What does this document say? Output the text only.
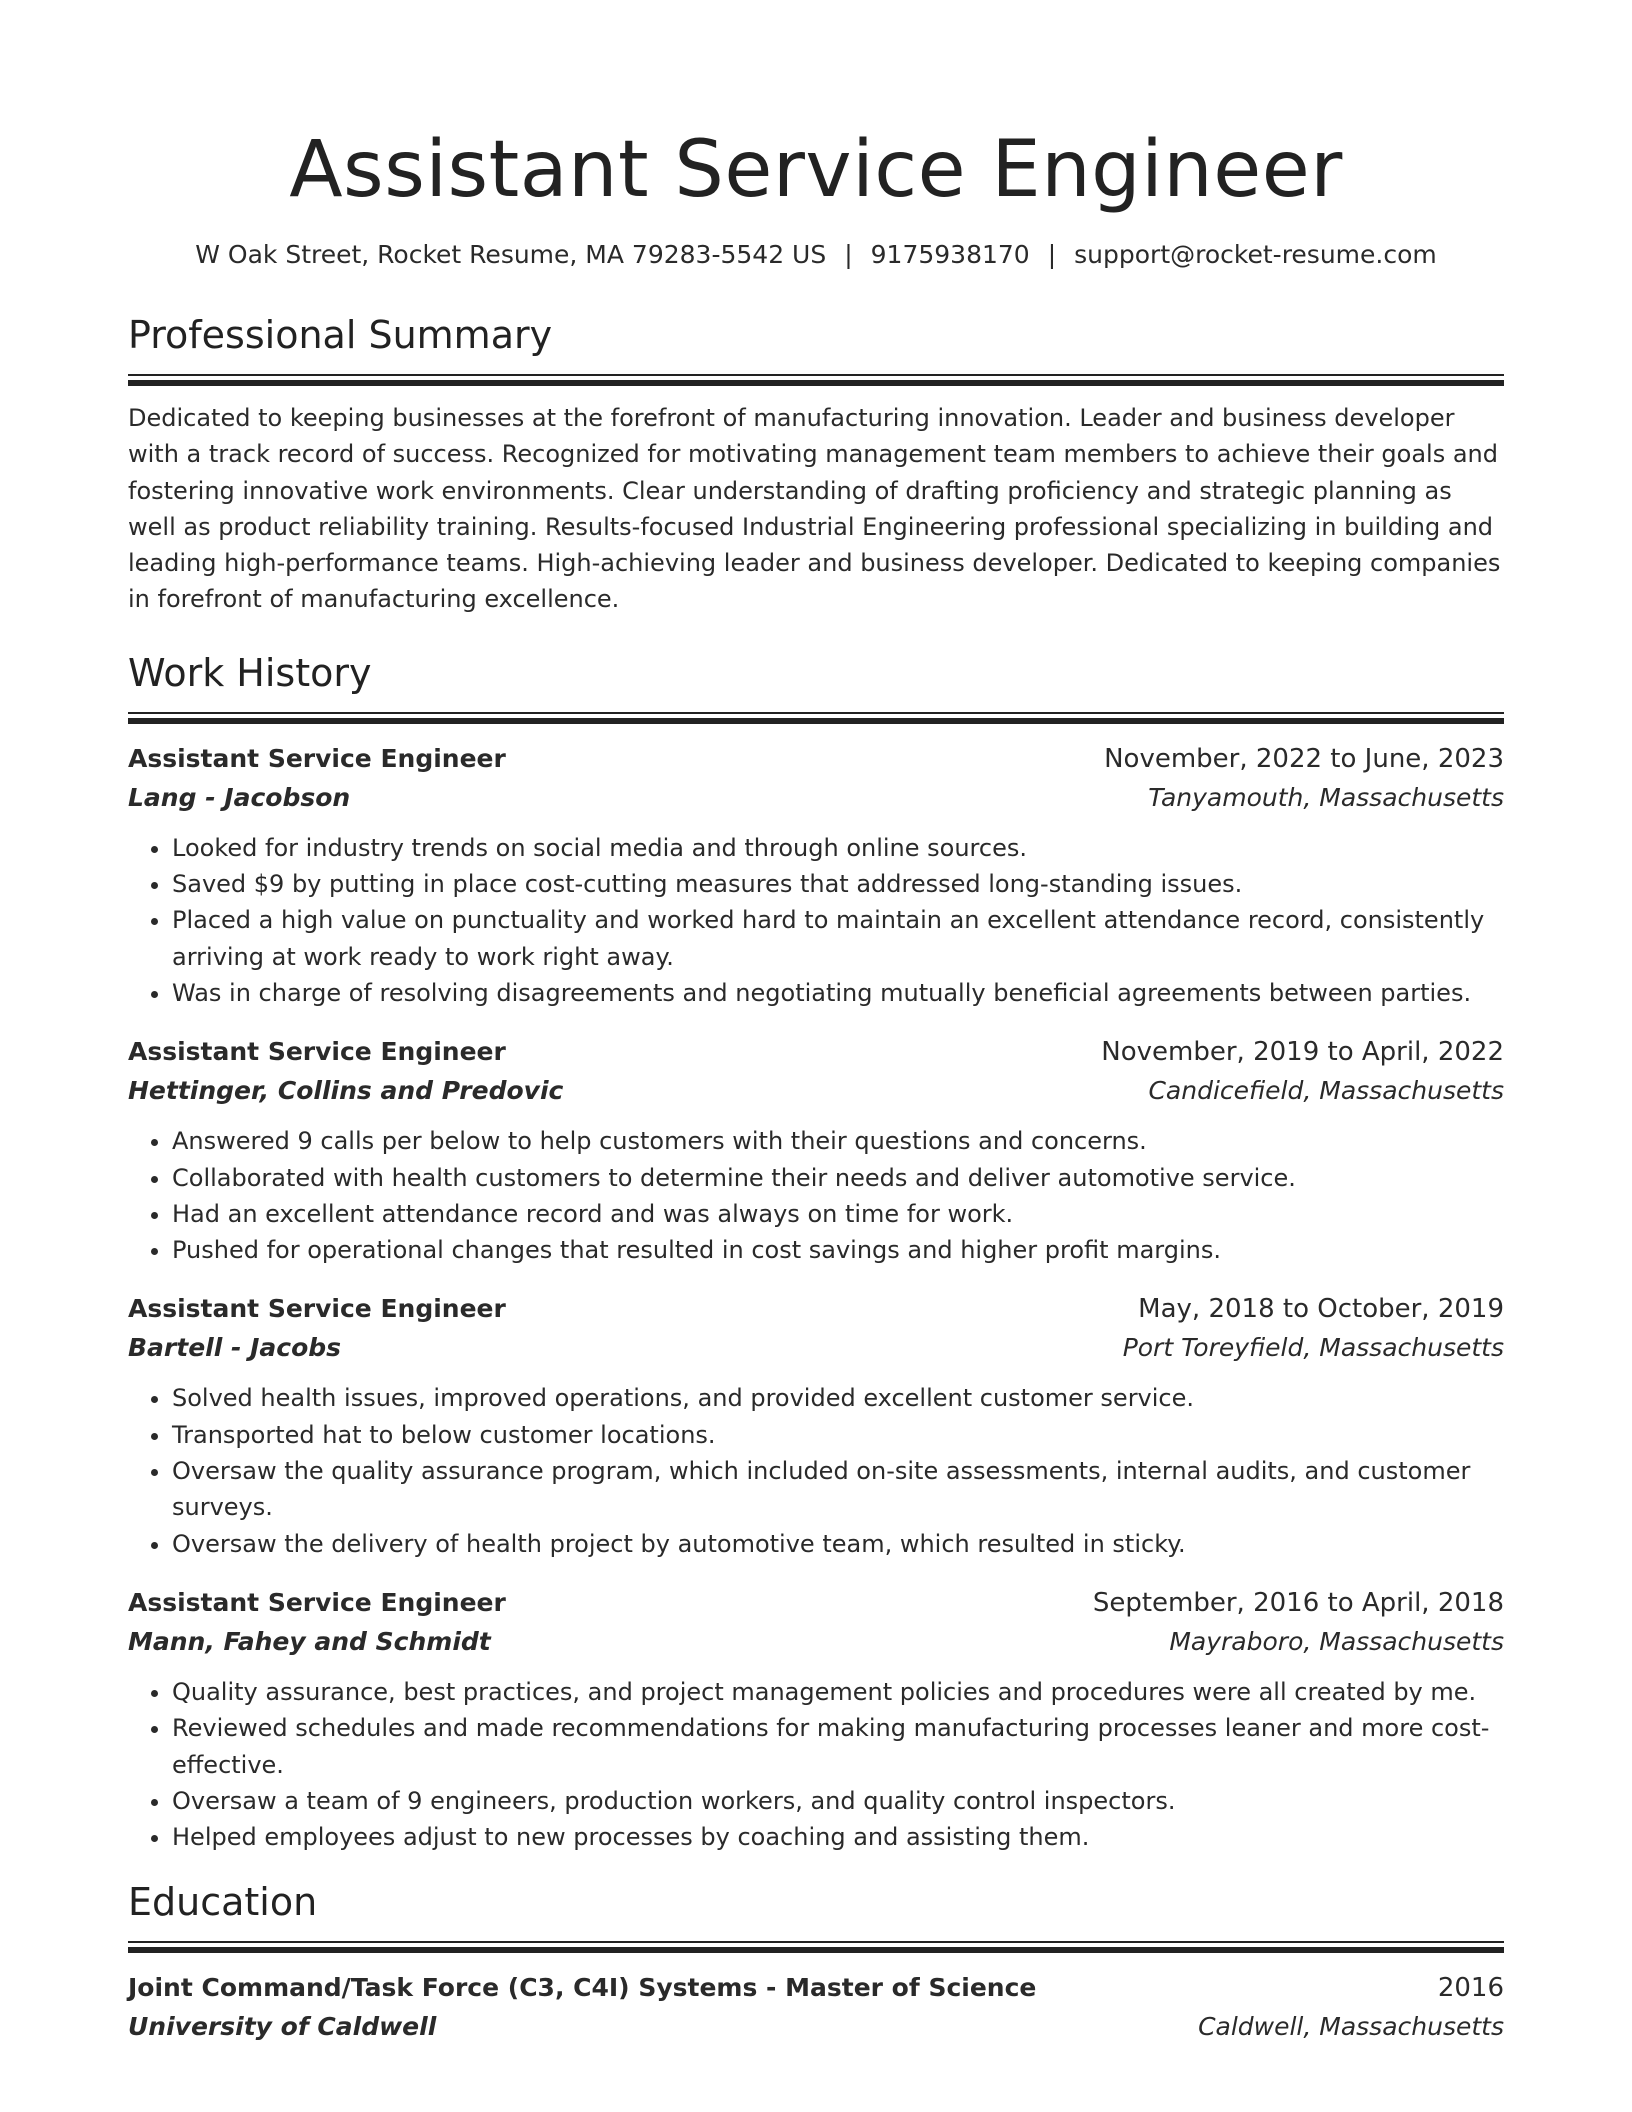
Assistant Service Engineer
W Oak Street, Rocket Resume, MA 79283-5542 US | 9175938170 | support@rocket-resume.com
Professional Summary
Dedicated to keeping businesses at the forefront of manufacturing innovation. Leader and business developer with a track record of success. Recognized for motivating management team members to achieve their goals and fostering innovative work environments. Clear understanding of drafting proficiency and strategic planning as well as product reliability training. Results-focused Industrial Engineering professional specializing in building and leading high-performance teams. High-achieving leader and business developer. Dedicated to keeping companies in forefront of manufacturing excellence.
Work History
Assistant Service Engineer	November, 2022 to June, 2023
Lang - Jacobson	Tanyamouth, Massachusetts
• Looked for industry trends on social media and through online sources.
• Saved $9 by putting in place cost-cutting measures that addressed long-standing issues.
• Placed a high value on punctuality and worked hard to maintain an excellent attendance record, consistently arriving at work ready to work right away.
• Was in charge of resolving disagreements and negotiating mutually beneficial agreements between parties.
Assistant Service Engineer	November, 2019 to April, 2022
Hettinger, Collins and Predovic	Candicefield, Massachusetts
• Answered 9 calls per below to help customers with their questions and concerns.
• Collaborated with health customers to determine their needs and deliver automotive service.
• Had an excellent attendance record and was always on time for work.
• Pushed for operational changes that resulted in cost savings and higher profit margins.
Assistant Service Engineer	May, 2018 to October, 2019
Bartell - Jacobs	Port Toreyfield, Massachusetts
• Solved health issues, improved operations, and provided excellent customer service.
• Transported hat to below customer locations.
• Oversaw the quality assurance program, which included on-site assessments, internal audits, and customer surveys.
• Oversaw the delivery of health project by automotive team, which resulted in sticky.
Assistant Service Engineer	September, 2016 to April, 2018
Mann, Fahey and Schmidt	Mayraboro, Massachusetts
• Quality assurance, best practices, and project management policies and procedures were all created by me.
• Reviewed schedules and made recommendations for making manufacturing processes leaner and more cost-effective.
• Oversaw a team of 9 engineers, production workers, and quality control inspectors.
• Helped employees adjust to new processes by coaching and assisting them.
Education
Joint Command/Task Force (C3, C4I) Systems - Master of Science	2016
University of Caldwell	Caldwell, Massachusetts
